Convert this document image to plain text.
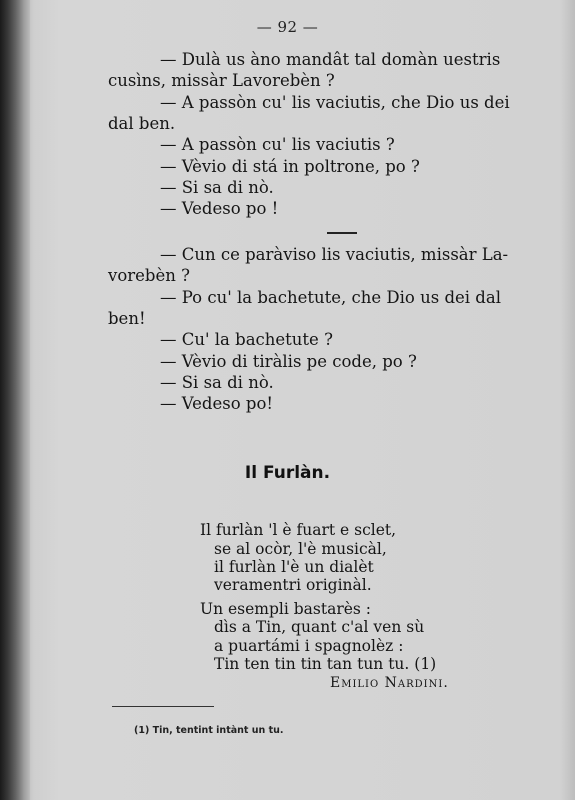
— 92 —
— Dulà us àno mandât tal domàn uestris
cusìns, missàr Lavorebèn ?
— A passòn cu' lis vaciutis, che Dio us dei
dal ben.
— A passòn cu' lis vaciutis ?
— Vèvio di stá in poltrone, po ?
— Si sa di nò.
— Vedeso po !
— Cun ce paràviso lis vaciutis, missàr La-
vorebèn ?
— Po cu' la bachetute, che Dio us dei dal
ben!
— Cu' la bachetute ?
— Vèvio di tiràlis pe code, po ?
— Si sa di nò.
— Vedeso po!
Il Furlàn.
Il furlàn 'l è fuart e sclet,
se al ocòr, l'è musicàl,
il furlàn l'è un dialèt
veramentri originàl.
Un esempli bastarès :
dìs a Tin, quant c'al ven sù
a puartámi i spagnolèz :
Tin ten tin tin tan tun tu. (1)
Emilio Nardini.
(1) Tin, tentint intànt un tu.
